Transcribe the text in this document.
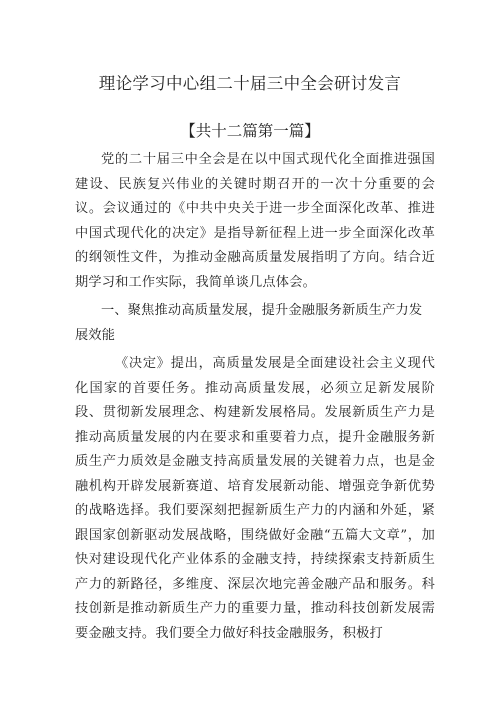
理论学习中心组二十届三中全会研讨发言
【共十二篇第一篇】

党的二十届三中全会是在以中国式现代化全面推进强国建设、民族复兴伟业的关键时期召开的一次十分重要的会议。会议通过的《中共中央关于进一步全面深化改革、推进中国式现代化的决定》是指导新征程上进一步全面深化改革的纲领性文件，为推动金融高质量发展指明了方向。结合近期学习和工作实际，我简单谈几点体会。

一、聚焦推动高质量发展，提升金融服务新质生产力发展效能

《决定》提出，高质量发展是全面建设社会主义现代化国家的首要任务。推动高质量发展，必须立足新发展阶段、贯彻新发展理念、构建新发展格局。发展新质生产力是推动高质量发展的内在要求和重要着力点，提升金融服务新质生产力质效是金融支持高质量发展的关键着力点，也是金融机构开辟发展新赛道、培育发展新动能、增强竞争新优势的战略选择。我们要深刻把握新质生产力的内涵和外延，紧跟国家创新驱动发展战略，围绕做好金融“五篇大文章”，加快对建设现代化产业体系的金融支持，持续探索支持新质生产力的新路径，多维度、深层次地完善金融产品和服务。科技创新是推动新质生产力的重要力量，推动科技创新发展需要金融支持。我们要全力做好科技金融服务，积极打
